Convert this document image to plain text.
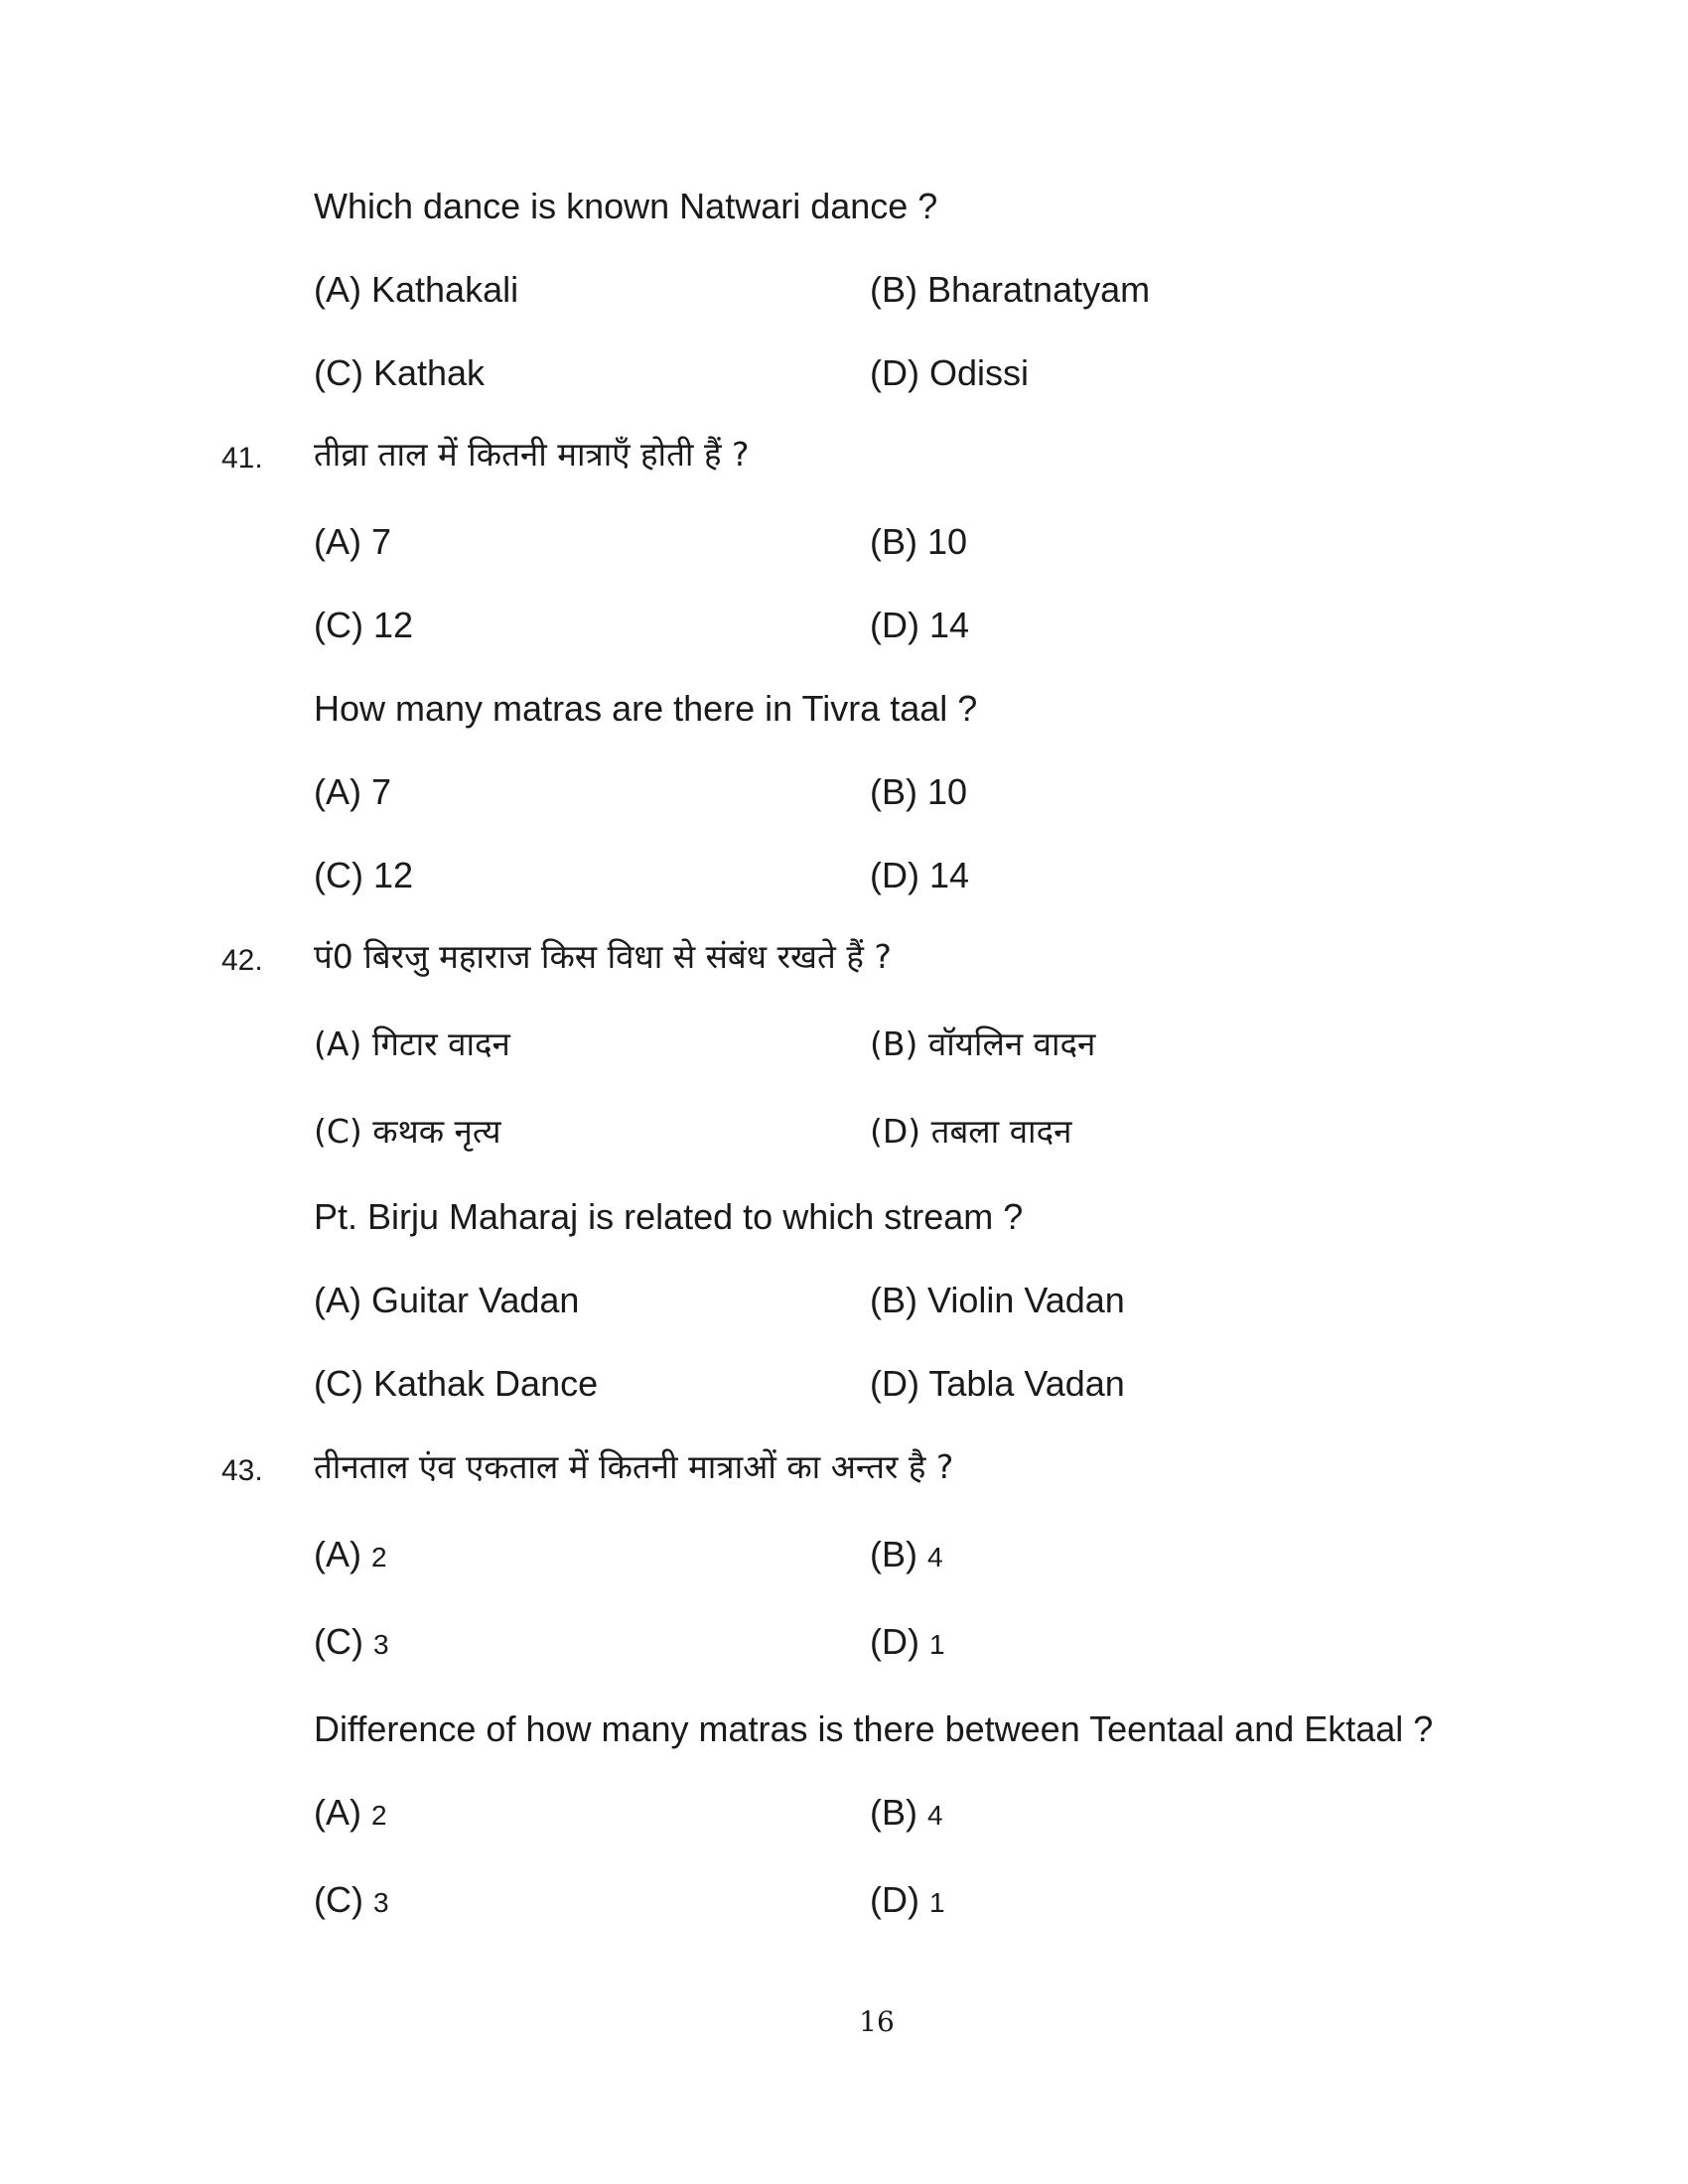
Which dance is known Natwari dance ?
(A) Kathakali	(B) Bharatnatyam
(C) Kathak	(D) Odissi
41. तीव्रा ताल में कितनी मात्राएँ होती हैं ?
(A) 7	(B) 10
(C) 12	(D) 14
How many matras are there in Tivra taal ?
(A) 7	(B) 10
(C) 12	(D) 14
42. पं0 बिरजु महाराज किस विधा से संबंध रखते हैं ?
(A) गिटार वादन	(B) वॉयलिन वादन
(C) कथक नृत्य	(D) तबला वादन
Pt. Birju Maharaj is related to which stream ?
(A) Guitar Vadan	(B) Violin Vadan
(C) Kathak Dance	(D) Tabla Vadan
43. तीनताल एंव एकताल में कितनी मात्राओं का अन्तर है ?
(A) 2	(B) 4
(C) 3	(D) 1
Difference of how many matras is there between Teentaal and Ektaal ?
(A) 2	(B) 4
(C) 3	(D) 1
16
